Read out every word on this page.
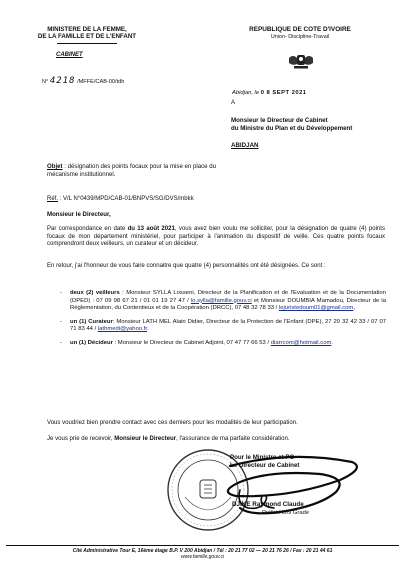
MINISTERE DE LA FEMME,
DE LA FAMILLE ET DE L'ENFANT
CABINET
N° 4218 /MFFE/CAB-00/tdh
REPUBLIQUE DE COTE D'IVOIRE
Union- Discipline-Travail
Abidjan, le 0 8 SEPT 2021
A
Monsieur le Directeur de Cabinet
du Ministre du Plan et du Développement
ABIDJAN
Objet : désignation des points focaux pour la mise en place du mécanisme institutionnel.
Réf. : V/L N°0439/MPD/CAB-01/BNPVS/SG/DVS/mbkk
Monsieur le Directeur,
Par correspondance en date du 13 août 2021, vous avez bien voulu me solliciter, pour la désignation de quatre (4) points focaux de mon département ministériel, pour participer à l'animation du dispositif de veille. Ces quatre points focaux comprendront deux veilleurs, un curateur et un décideur.
En retour, j'ai l'honneur de vous faire connaitre que quatre (4) personnalités ont été désignées. Ce sont :
- deux (2) veilleurs : Monsieur SYLLA Losseni, Directeur de la Planification et de l'Evaluation et de la Documentation (DPED) : 07 09 98 67 21 / 01 01 19 27 47 / lo.sylla@famille.gouv.ci et Monsieur DOUMBIA Mamadou, Directeur de la Réglementation, du Contentieux et de la Coopération (DRCC), 07 48 32 78 33 / lejuristedoum01@gmail.com,
- un (1) Curateur: Monsieur LATH MEL Alain Didier, Directeur de la Protection de l'Enfant (DPE), 27 20 32 42 33 / 07 07 71 83 44 / lathmedi@yahoo.fr.
- un (1) Décideur : Monsieur le Directeur de Cabinet Adjoint, 07 47 77 66 53 / diarrcom@hotmail.com.
Vous voudriez bien prendre contact avec ces derniers pour les modalités de leur participation.
Je vous prie de recevoir, Monsieur le Directeur, l'assurance de ma parfaite considération.
Pour le Ministre et PO
Le Directeur de Cabinet
DJIKE Raymond Claude
Préfet Hors Grade
Cité Administrative Tour E, 16ème étage B.P. V 200 Abidjan / Tél : 20 21 77 02 — 20 21 76 26 / Fax : 20 21 44 61
www.famille.gouv.ci
